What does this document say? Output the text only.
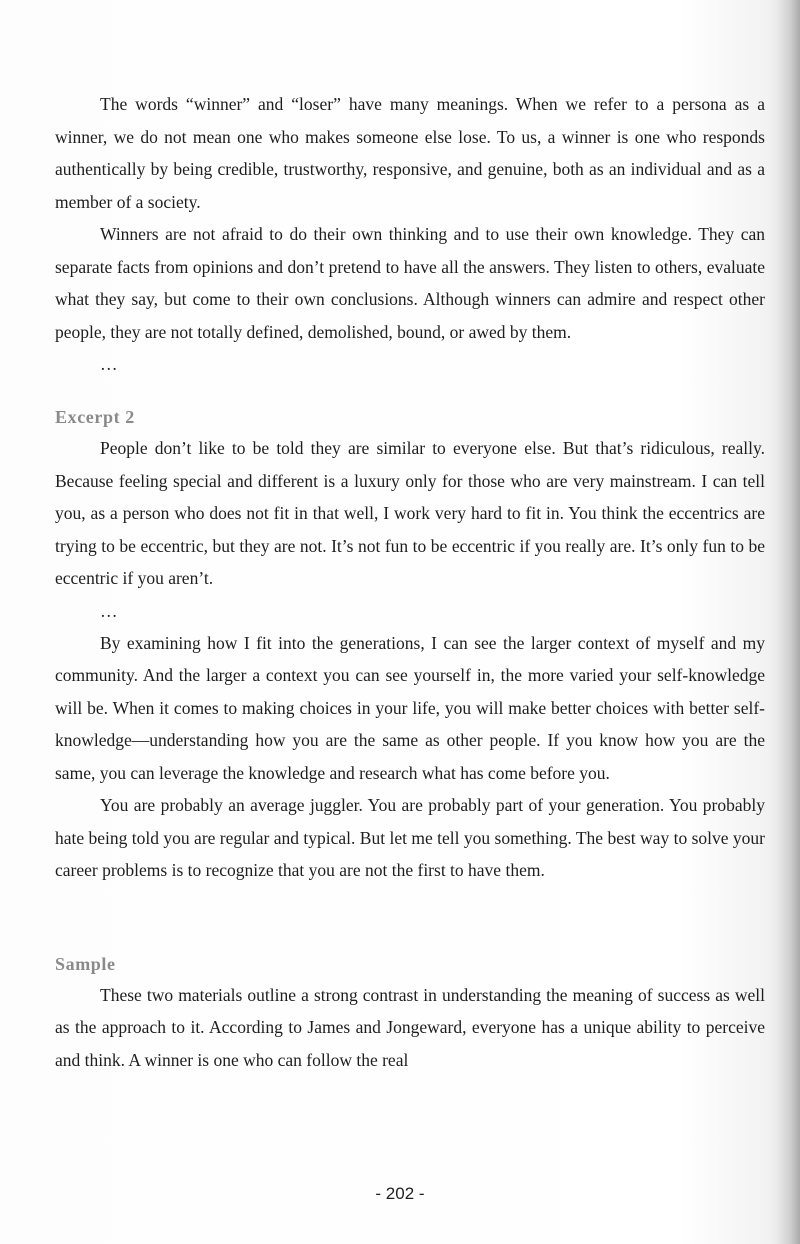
The words “winner” and “loser” have many meanings. When we refer to a persona as a winner, we do not mean one who makes someone else lose. To us, a winner is one who responds authentically by being credible, trustworthy, responsive, and genuine, both as an individual and as a member of a society.

Winners are not afraid to do their own thinking and to use their own knowledge. They can separate facts from opinions and don’t pretend to have all the answers. They listen to others, evaluate what they say, but come to their own conclusions. Although winners can admire and respect other people, they are not totally defined, demolished, bound, or awed by them.

…

Excerpt 2

People don’t like to be told they are similar to everyone else. But that’s ridiculous, really. Because feeling special and different is a luxury only for those who are very mainstream. I can tell you, as a person who does not fit in that well, I work very hard to fit in. You think the eccentrics are trying to be eccentric, but they are not. It’s not fun to be eccentric if you really are. It’s only fun to be eccentric if you aren’t.

…

By examining how I fit into the generations, I can see the larger context of myself and my community. And the larger a context you can see yourself in, the more varied your self-knowledge will be. When it comes to making choices in your life, you will make better choices with better self-knowledge—understanding how you are the same as other people. If you know how you are the same, you can leverage the knowledge and research what has come before you.

You are probably an average juggler. You are probably part of your generation. You probably hate being told you are regular and typical. But let me tell you something. The best way to solve your career problems is to recognize that you are not the first to have them.

Sample

These two materials outline a strong contrast in understanding the meaning of success as well as the approach to it. According to James and Jongeward, everyone has a unique ability to perceive and think. A winner is one who can follow the real

- 202 -
